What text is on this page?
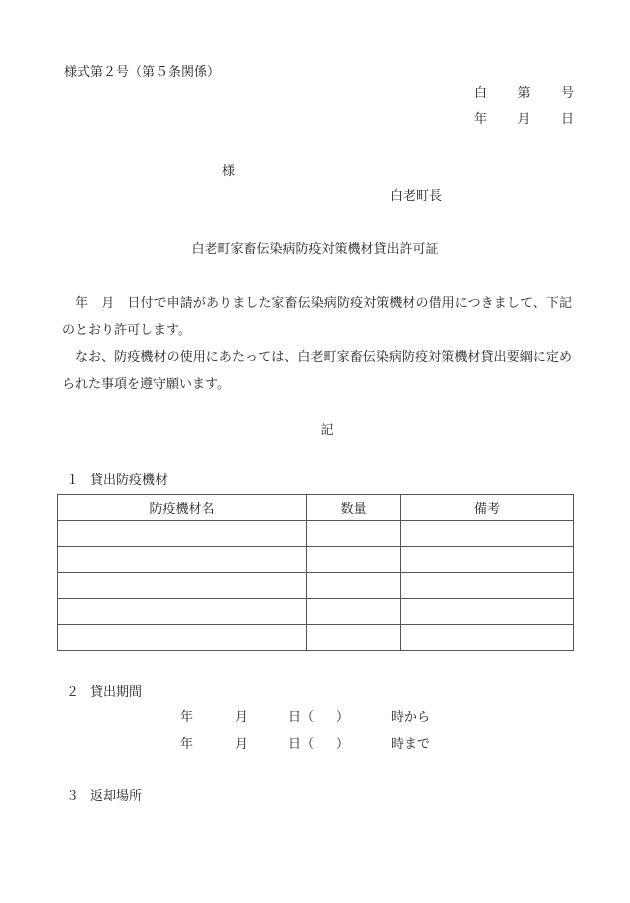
様式第２号（第５条関係）
白 第 号
年 月 日
様
白老町長
白老町家畜伝染病防疫対策機材貸出許可証

年　月　日付で申請がありました家畜伝染病防疫対策機材の借用につきまして、下記のとおり許可します。

なお、防疫機材の使用にあたっては、白老町家畜伝染病防疫対策機材貸出要綱に定められた事項を遵守願います。

記
１ 貸出防疫機材
防疫機材名	数量	備考

２ 貸出期間
年	月	日 （ ）	時から
年	月	日 （ ）	時まで
３ 返却場所
